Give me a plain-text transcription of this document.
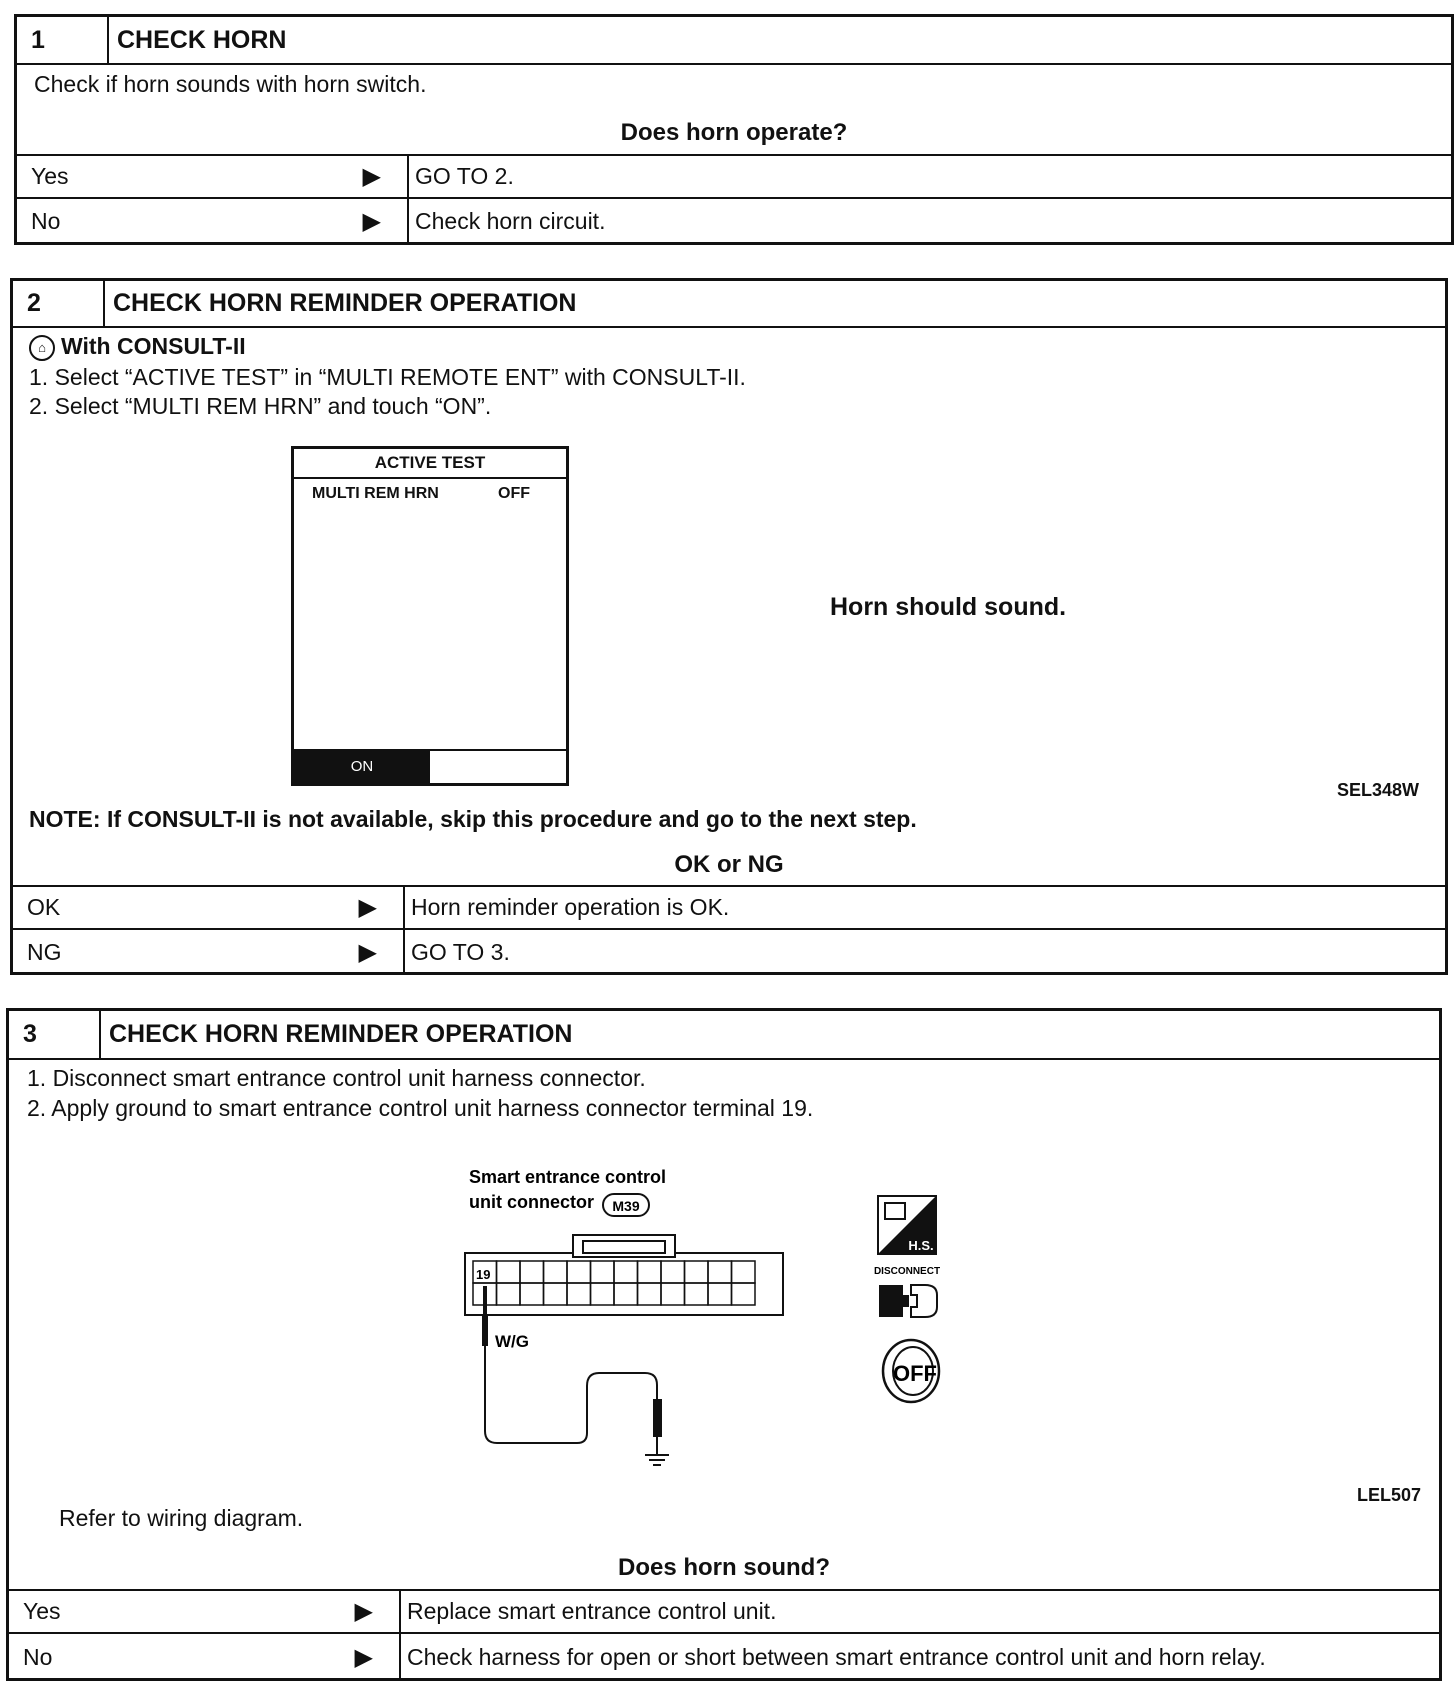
1	CHECK HORN
Check if horn sounds with horn switch.
Does horn operate?
Yes	▶ GO TO 2.
No	▶ Check horn circuit.
2	CHECK HORN REMINDER OPERATION
⌂ With CONSULT-II
1. Select “ACTIVE TEST” in “MULTI REMOTE ENT” with CONSULT-II.
2. Select “MULTI REM HRN” and touch “ON”.
ACTIVE TEST
MULTI REM HRN	OFF
ON
Horn should sound.
SEL348W
NOTE: If CONSULT-II is not available, skip this procedure and go to the next step.
OK or NG
OK	▶ Horn reminder operation is OK.
NG	▶ GO TO 3.
3	CHECK HORN REMINDER OPERATION
1. Disconnect smart entrance control unit harness connector.
2. Apply ground to smart entrance control unit harness connector terminal 19.
Smart entrance control
unit connector M39
19
W/G
H.S.
DISCONNECT
OFF
LEL507
Refer to wiring diagram.
Does horn sound?
Yes	▶ Replace smart entrance control unit.
No	▶ Check harness for open or short between smart entrance control unit and horn relay.
